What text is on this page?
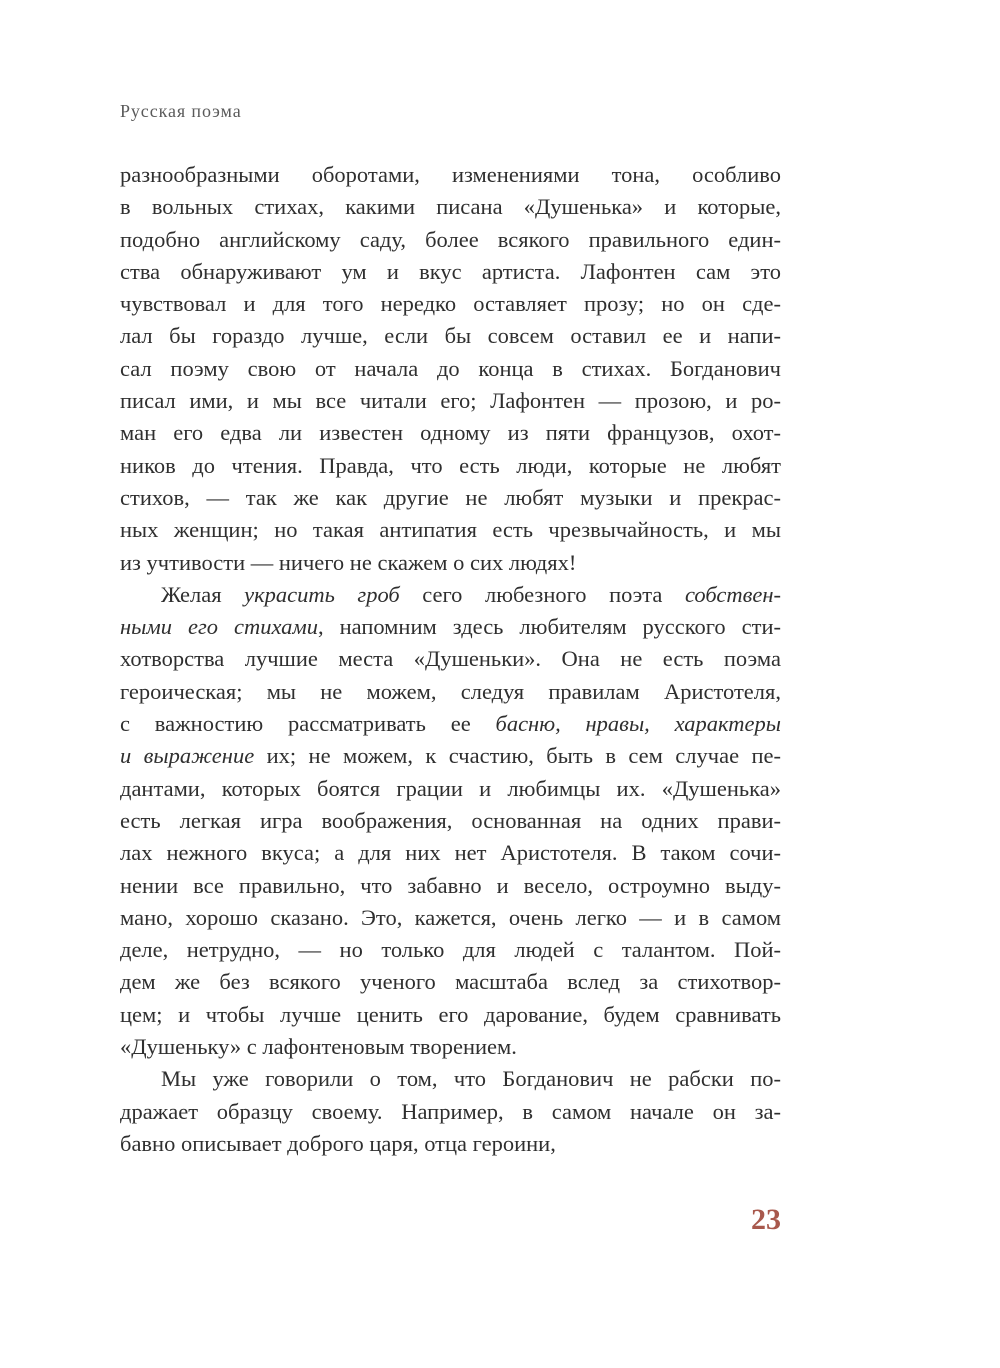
Русская поэма

разнообразными оборотами, изменениями тона, особливо
в вольных стихах, какими писана «Душенька» и которые,
подобно английскому саду, более всякого правильного един-
ства обнаруживают ум и вкус артиста. Лафонтен сам это
чувствовал и для того нередко оставляет прозу; но он сде-
лал бы гораздо лучше, если бы совсем оставил ее и напи-
сал поэму свою от начала до конца в стихах. Богданович
писал ими, и мы все читали его; Лафонтен — прозою, и ро-
ман его едва ли известен одному из пяти французов, охот-
ников до чтения. Правда, что есть люди, которые не любят
стихов, — так же как другие не любят музыки и прекрас-
ных женщин; но такая антипатия есть чрезвычайность, и мы
из учтивости — ничего не скажем о сих людях!
Желая украсить гроб сего любезного поэта собствен-
ными его стихами, напомним здесь любителям русского сти-
хотворства лучшие места «Душеньки». Она не есть поэма
героическая; мы не можем, следуя правилам Аристотеля,
с важностию рассматривать ее басню, нравы, характеры
и выражение их; не можем, к счастию, быть в сем случае пе-
дантами, которых боятся грации и любимцы их. «Душенька»
есть легкая игра воображения, основанная на одних прави-
лах нежного вкуса; а для них нет Аристотеля. В таком сочи-
нении все правильно, что забавно и весело, остроумно выду-
мано, хорошо сказано. Это, кажется, очень легко — и в самом
деле, нетрудно, — но только для людей с талантом. Пой-
дем же без всякого ученого масштаба вслед за стихотвор-
цем; и чтобы лучше ценить его дарование, будем сравнивать
«Душеньку» с лафонтеновым творением.
Мы уже говорили о том, что Богданович не рабски по-
дражает образцу своему. Например, в самом начале он за-
бавно описывает доброго царя, отца героини,

23
